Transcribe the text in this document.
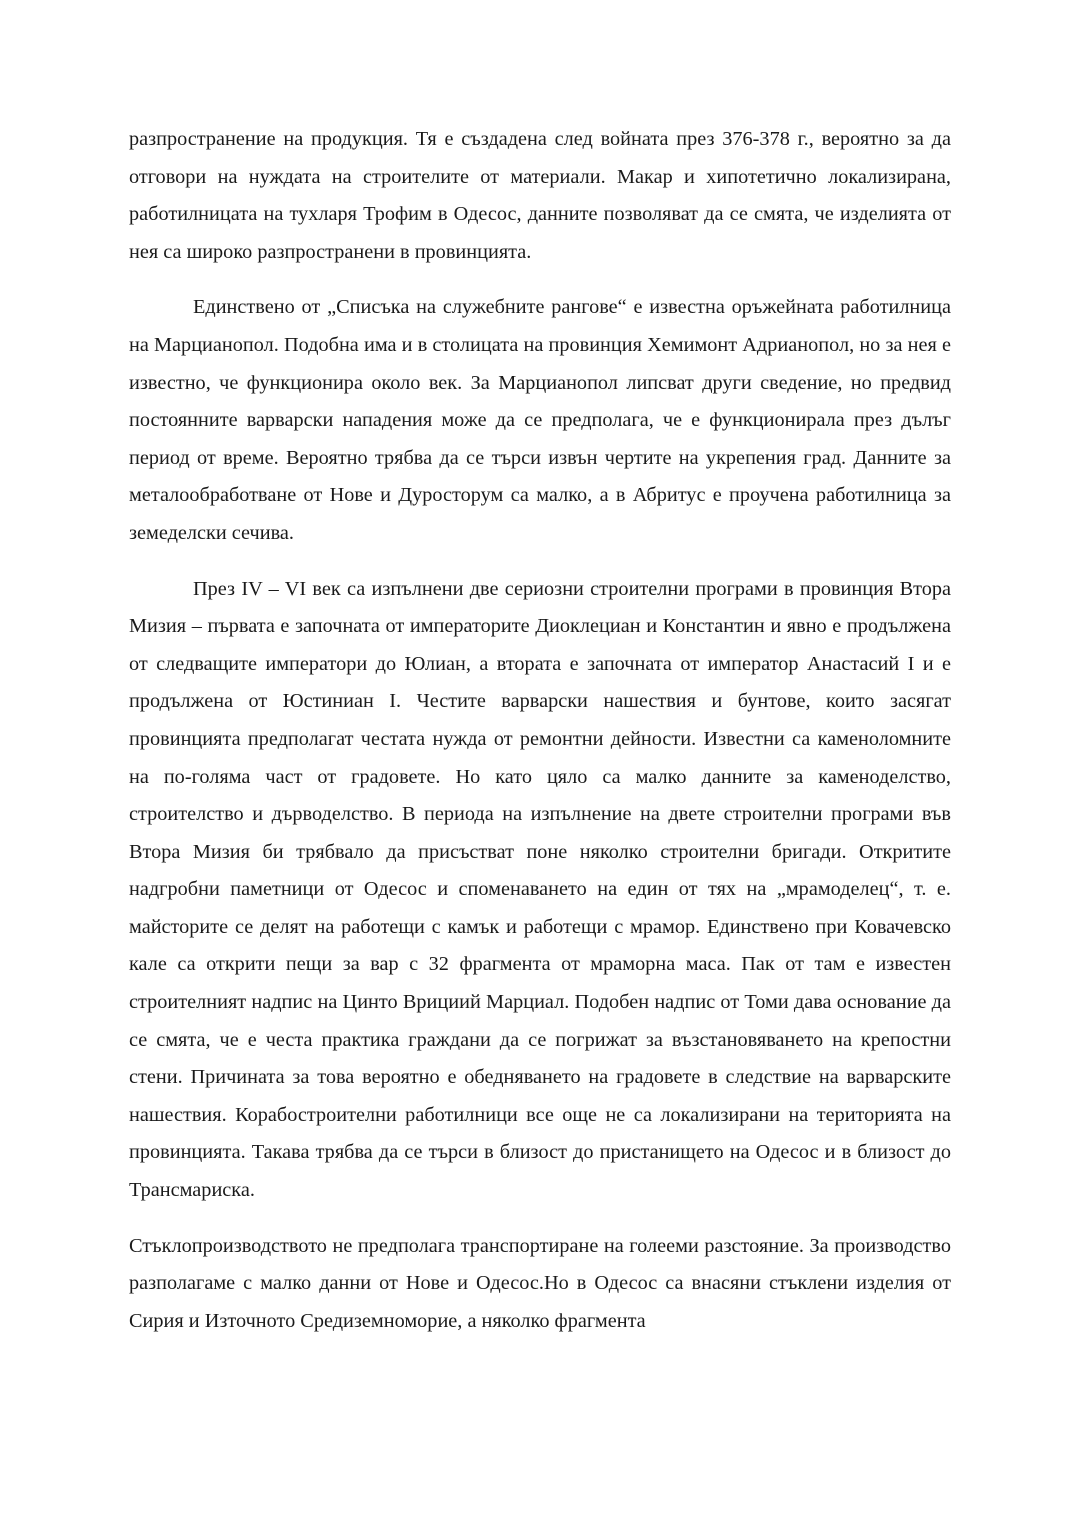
разпространение на продукция. Тя е създадена след войната през 376-378 г., вероятно за да отговори на нуждата на строителите от материали. Макар и хипотетично локализирана, работилницата на тухларя Трофим в Одесос, данните позволяват да се смята, че изделията от нея са широко разпространени в провинцията.

Единствено от „Списъка на служебните рангове“ е известна оръжейната работилница на Марцианопол. Подобна има и в столицата на провинция Хемимонт Адрианопол, но за нея е известно, че функционира около век. За Марцианопол липсват други сведение, но предвид постоянните варварски нападения може да се предполага, че е функционирала през дълъг период от време. Вероятно трябва да се търси извън чертите на укрепения град. Данните за металообработване от Нове и Дуросторум са малко, а в Абритус е проучена работилница за земеделски сечива.

През IV – VI век са изпълнени две сериозни строителни програми в провинция Втора Мизия – първата е започната от императорите Диоклециан и Константин и явно е продължена от следващите императори до Юлиан, а втората е започната от император Анастасий I и е продължена от Юстиниан I. Честите варварски нашествия и бунтове, които засягат провинцията предполагат честата нужда от ремонтни дейности. Известни са каменоломните на по-голяма част от градовете. Но като цяло са малко данните за каменоделство, строителство и дърводелство. В периода на изпълнение на двете строителни програми във Втора Мизия би трябвало да присъстват поне няколко строителни бригади. Откритите надгробни паметници от Одесос и споменаването на един от тях на „мрамоделец“, т. е. майсторите се делят на работещи с камък и работещи с мрамор. Единствено при Ковачевско кале са открити пещи за вар с 32 фрагмента от мраморна маса. Пак от там е известен строителният надпис на Цинто Врициий Марциал. Подобен надпис от Томи дава основание да се смята, че е честа практика граждани да се погрижат за възстановяването на крепостни стени. Причината за това вероятно е обедняването на градовете в следствие на варварските нашествия. Корабостроителни работилници все още не са локализирани на територията на провинцията. Такава трябва да се търси в близост до пристанището на Одесос и в близост до Трансмариска.

Стъклопроизводството не предполага транспортиране на голееми разстояние. За производство разполагаме с малко данни от Нове и Одесос.Но в Одесос са внасяни стъклени изделия от Сирия и Източното Средиземноморие, а няколко фрагмента
